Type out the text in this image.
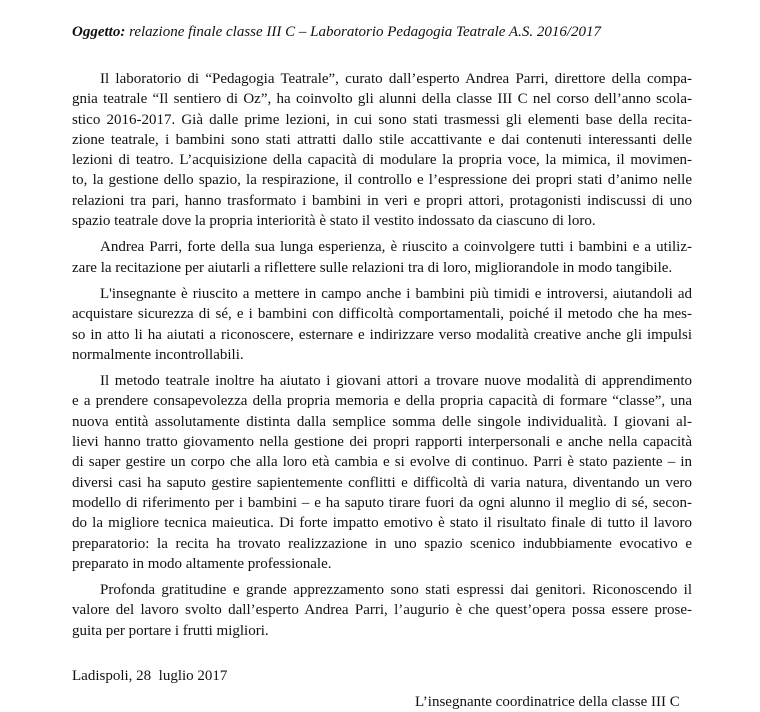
Oggetto: relazione finale classe III C – Laboratorio Pedagogia Teatrale A.S. 2016/2017
Il laboratorio di “Pedagogia Teatrale”, curato dall’esperto Andrea Parri, direttore della compa-
gnia teatrale “Il sentiero di Oz”, ha coinvolto gli alunni della classe III C nel corso dell’anno scola-
stico 2016-2017. Già dalle prime lezioni, in cui sono stati trasmessi gli elementi base della recita-
zione teatrale, i bambini sono stati attratti dallo stile accattivante e dai contenuti interessanti delle
lezioni di teatro. L’acquisizione della capacità di modulare la propria voce, la mimica, il movimen-
to, la gestione dello spazio, la respirazione, il controllo e l’espressione dei propri stati d’animo nelle
relazioni tra pari, hanno trasformato i bambini in veri e propri attori, protagonisti indiscussi di uno
spazio teatrale dove la propria interiorità è stato il vestito indossato da ciascuno di loro.
Andrea Parri, forte della sua lunga esperienza, è riuscito a coinvolgere tutti i bambini e a utiliz-
zare la recitazione per aiutarli a riflettere sulle relazioni tra di loro, migliorandole in modo tangibile.
L'insegnante è riuscito a mettere in campo anche i bambini più timidi e introversi, aiutandoli ad
acquistare sicurezza di sé, e i bambini con difficoltà comportamentali, poiché il metodo che ha mes-
so in atto li ha aiutati a riconoscere, esternare e indirizzare verso modalità creative anche gli impulsi
normalmente incontrollabili.
Il metodo teatrale inoltre ha aiutato i giovani attori a trovare nuove modalità di apprendimento
e a prendere consapevolezza della propria memoria e della propria capacità di formare “classe”, una
nuova entità assolutamente distinta dalla semplice somma delle singole individualità. I giovani al-
lievi hanno tratto giovamento nella gestione dei propri rapporti interpersonali e anche nella capacità
di saper gestire un corpo che alla loro età cambia e si evolve di continuo. Parri è stato paziente – in
diversi casi ha saputo gestire sapientemente conflitti e difficoltà di varia natura, diventando un vero
modello di riferimento per i bambini – e ha saputo tirare fuori da ogni alunno il meglio di sé, secon-
do la migliore tecnica maieutica. Di forte impatto emotivo è stato il risultato finale di tutto il lavoro
preparatorio: la recita ha trovato realizzazione in uno spazio scenico indubbiamente evocativo e
preparato in modo altamente professionale.
Profonda gratitudine e grande apprezzamento sono stati espressi dai genitori. Riconoscendo il
valore del lavoro svolto dall’esperto Andrea Parri, l’augurio è che quest’opera possa essere prose-
guita per portare i frutti migliori.
Ladispoli, 28  luglio 2017
L’insegnante coordinatrice della classe III C
